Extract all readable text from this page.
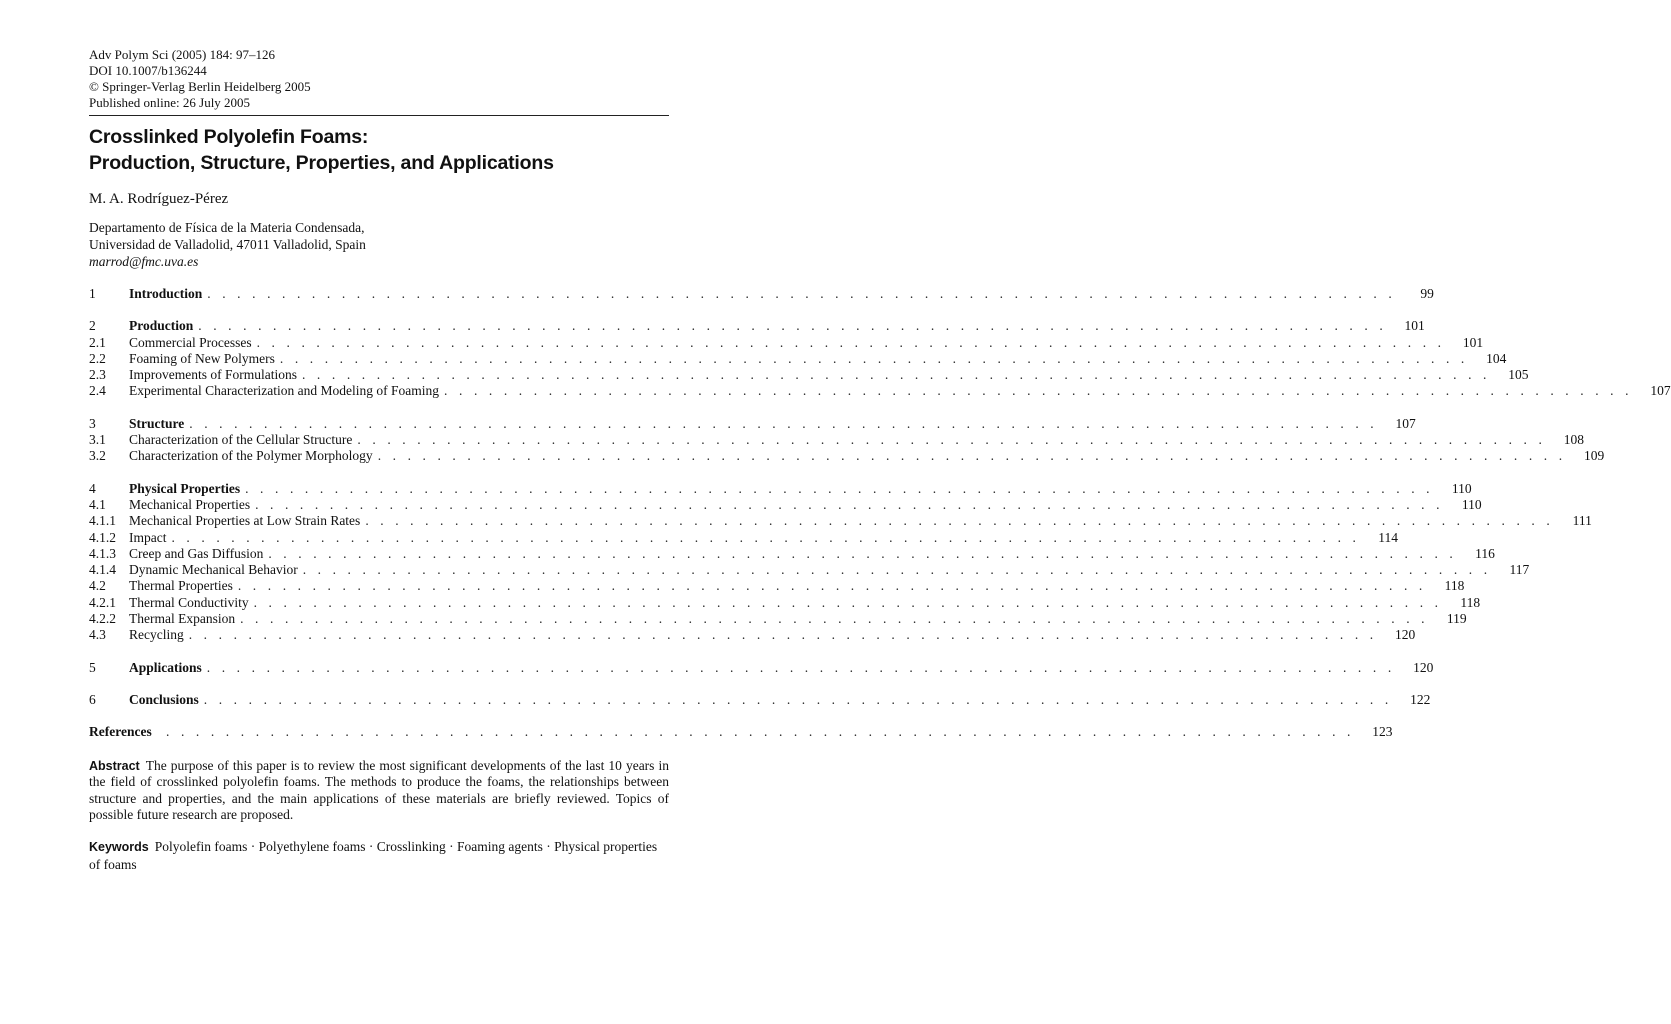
Adv Polym Sci (2005) 184: 97–126
DOI 10.1007/b136244
© Springer-Verlag Berlin Heidelberg 2005
Published online: 26 July 2005
Crosslinked Polyolefin Foams:
Production, Structure, Properties, and Applications
M. A. Rodríguez-Pérez
Departamento de Física de la Materia Condensada,
Universidad de Valladolid, 47011 Valladolid, Spain
marrod@fmc.uva.es
1	Introduction . . . . . . . . . . . . . . . . . . . . . . . . . . . . . . . . . . . . . . . . . . . . . . . . . . . . . . . . . . . . . . . . . . . . . . . . . . . . . . . .	99
2	Production . . . . . . . . . . . . . . . . . . . . . . . . . . . . . . . . . . . . . . . . . . . . . . . . . . . . . . . . . . . . . . . . . . . . . . . . . . . . . . . .	101
2.1	Commercial Processes . . . . . . . . . . . . . . . . . . . . . . . . . . . . . . . . . . . . . . . . . . . . . . . . . . . . . . . . . . . . . . . . . . . . . . . . . . . . . . . .	101
2.2	Foaming of New Polymers . . . . . . . . . . . . . . . . . . . . . . . . . . . . . . . . . . . . . . . . . . . . . . . . . . . . . . . . . . . . . . . . . . . . . . . . . . . . . . . .	104
2.3	Improvements of Formulations . . . . . . . . . . . . . . . . . . . . . . . . . . . . . . . . . . . . . . . . . . . . . . . . . . . . . . . . . . . . . . . . . . . . . . . . . . . . . . . .	105
2.4	Experimental Characterization and Modeling of Foaming . . . . . . . . . . . . . . . . . . . . . . . . . . . . . . . . . . . . . . . . . . . . . . . . . . . . . . . . . . . . . . . . . . . . . . . . . . . . . . . .	107
3	Structure . . . . . . . . . . . . . . . . . . . . . . . . . . . . . . . . . . . . . . . . . . . . . . . . . . . . . . . . . . . . . . . . . . . . . . . . . . . . . . . .	107
3.1	Characterization of the Cellular Structure . . . . . . . . . . . . . . . . . . . . . . . . . . . . . . . . . . . . . . . . . . . . . . . . . . . . . . . . . . . . . . . . . . . . . . . . . . . . . . . .	108
3.2	Characterization of the Polymer Morphology . . . . . . . . . . . . . . . . . . . . . . . . . . . . . . . . . . . . . . . . . . . . . . . . . . . . . . . . . . . . . . . . . . . . . . . . . . . . . . . .	109
4	Physical Properties . . . . . . . . . . . . . . . . . . . . . . . . . . . . . . . . . . . . . . . . . . . . . . . . . . . . . . . . . . . . . . . . . . . . . . . . . . . . . . . .	110
4.1	Mechanical Properties . . . . . . . . . . . . . . . . . . . . . . . . . . . . . . . . . . . . . . . . . . . . . . . . . . . . . . . . . . . . . . . . . . . . . . . . . . . . . . . .	110
4.1.1 Mechanical Properties at Low Strain Rates . . . . . . . . . . . . . . . . . . . . . . . . . . . . . . . . . . . . . . . . . . . . . . . . . . . . . . . . . . . . . . . . . . . . . . . . . . . . . . . .	111
4.1.2 Impact . . . . . . . . . . . . . . . . . . . . . . . . . . . . . . . . . . . . . . . . . . . . . . . . . . . . . . . . . . . . . . . . . . . . . . . . . . . . . . . .	114
4.1.3 Creep and Gas Diffusion . . . . . . . . . . . . . . . . . . . . . . . . . . . . . . . . . . . . . . . . . . . . . . . . . . . . . . . . . . . . . . . . . . . . . . . . . . . . . . . .	116
4.1.4 Dynamic Mechanical Behavior . . . . . . . . . . . . . . . . . . . . . . . . . . . . . . . . . . . . . . . . . . . . . . . . . . . . . . . . . . . . . . . . . . . . . . . . . . . . . . . .	117
4.2	Thermal Properties . . . . . . . . . . . . . . . . . . . . . . . . . . . . . . . . . . . . . . . . . . . . . . . . . . . . . . . . . . . . . . . . . . . . . . . . . . . . . . . .	118
4.2.1 Thermal Conductivity . . . . . . . . . . . . . . . . . . . . . . . . . . . . . . . . . . . . . . . . . . . . . . . . . . . . . . . . . . . . . . . . . . . . . . . . . . . . . . . .	118
4.2.2 Thermal Expansion . . . . . . . . . . . . . . . . . . . . . . . . . . . . . . . . . . . . . . . . . . . . . . . . . . . . . . . . . . . . . . . . . . . . . . . . . . . . . . . .	119
4.3	Recycling . . . . . . . . . . . . . . . . . . . . . . . . . . . . . . . . . . . . . . . . . . . . . . . . . . . . . . . . . . . . . . . . . . . . . . . . . . . . . . . .	120
5	Applications . . . . . . . . . . . . . . . . . . . . . . . . . . . . . . . . . . . . . . . . . . . . . . . . . . . . . . . . . . . . . . . . . . . . . . . . . . . . . . . .	120
6	Conclusions . . . . . . . . . . . . . . . . . . . . . . . . . . . . . . . . . . . . . . . . . . . . . . . . . . . . . . . . . . . . . . . . . . . . . . . . . . . . . . . .	122
References	. . . . . . . . . . . . . . . . . . . . . . . . . . . . . . . . . . . . . . . . . . . . . . . . . . . . . . . . . . . . . . . . . . . . . . . . . . . . . . . .	123
Abstract The purpose of this paper is to review the most significant developments of the last 10 years in the field of crosslinked polyolefin foams. The methods to produce the foams, the relationships between structure and properties, and the main applications of these materials are briefly reviewed. Topics of possible future research are proposed.
Keywords Polyolefin foams · Polyethylene foams · Crosslinking · Foaming agents · Physical properties of foams
